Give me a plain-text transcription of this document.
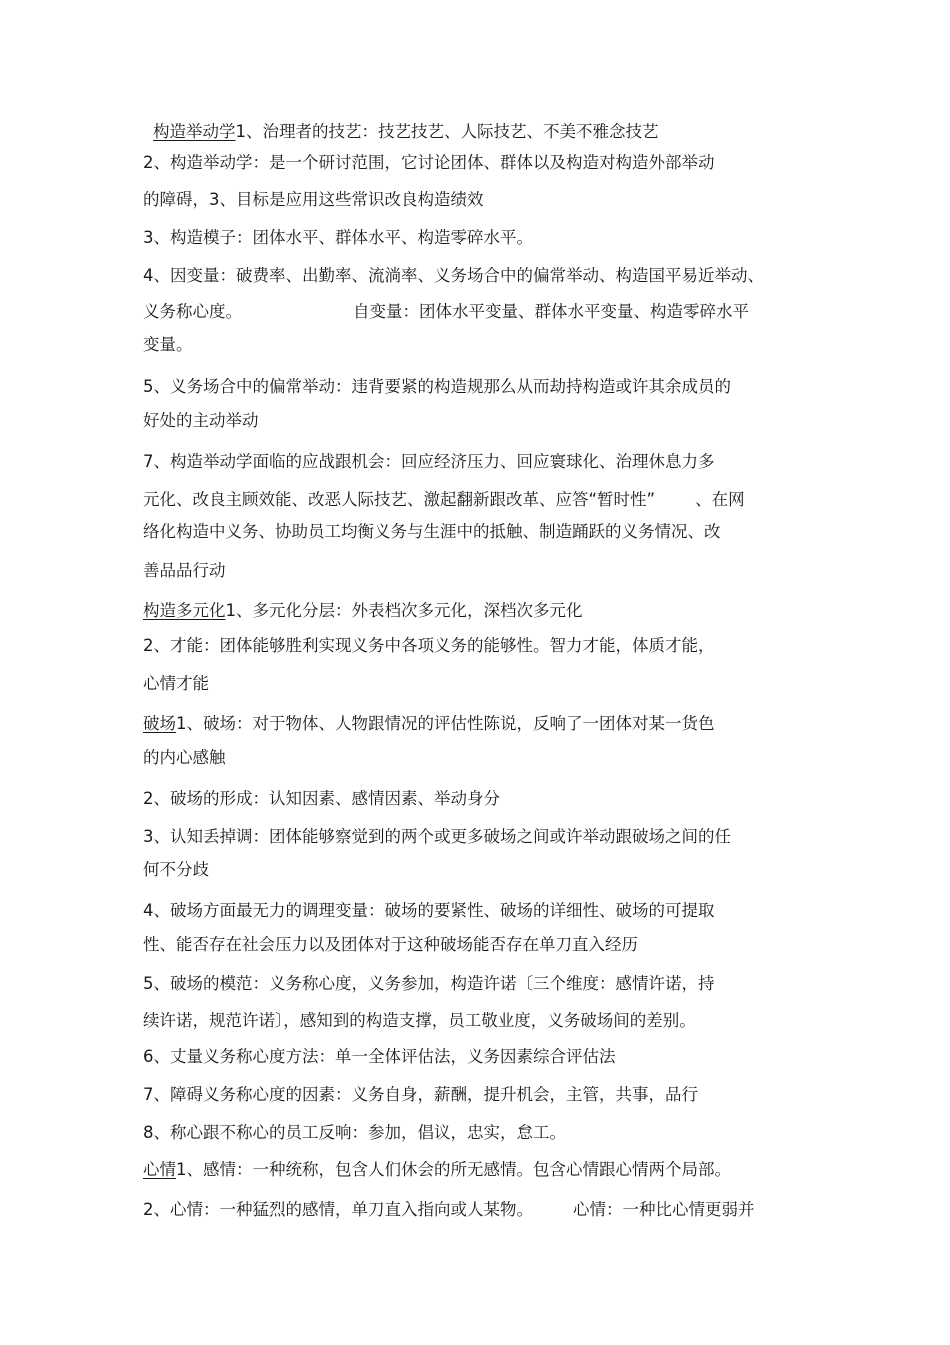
构造举动学1、治理者的技艺：技艺技艺、人际技艺、不美不雅念技艺
2、构造举动学：是一个研讨范围，它讨论团体、群体以及构造对构造外部举动
的障碍，3、目标是应用这些常识改良构造绩效
3、构造模子：团体水平、群体水平、构造零碎水平。
4、因变量：破费率、出勤率、流淌率、义务场合中的偏常举动、构造国平易近举动、
义务称心度。	自变量：团体水平变量、群体水平变量、构造零碎水平
变量。
5、义务场合中的偏常举动：违背要紧的构造规那么从而劫持构造或许其余成员的
好处的主动举动
7、构造举动学面临的应战跟机会：回应经济压力、回应寰球化、治理休息力多
元化、改良主顾效能、改恶人际技艺、激起翻新跟改革、应答“暂时性” 、在网
络化构造中义务、协助员工均衡义务与生涯中的抵触、制造踊跃的义务情况、改
善品品行动
构造多元化1、多元化分层：外表档次多元化，深档次多元化
2、才能：团体能够胜利实现义务中各项义务的能够性。智力才能，体质才能，
心情才能
破场1、破场：对于物体、人物跟情况的评估性陈说，反响了一团体对某一货色
的内心感触
2、破场的形成：认知因素、感情因素、举动身分
3、认知丢掉调：团体能够察觉到的两个或更多破场之间或许举动跟破场之间的任
何不分歧
4、破场方面最无力的调理变量：破场的要紧性、破场的详细性、破场的可提取
性、能否存在社会压力以及团体对于这种破场能否存在单刀直入经历
5、破场的模范：义务称心度，义务参加，构造许诺〔三个维度：感情许诺，持
续许诺，规范许诺〕，感知到的构造支撑，员工敬业度，义务破场间的差别。
6、丈量义务称心度方法：单一全体评估法，义务因素综合评估法
7、障碍义务称心度的因素：义务自身，薪酬，提升机会，主管，共事，品行
8、称心跟不称心的员工反响：参加，倡议，忠实，怠工。
心情1、感情：一种统称，包含人们休会的所无感情。包含心情跟心情两个局部。
2、心情：一种猛烈的感情，单刀直入指向或人某物。 心情：一种比心情更弱并
